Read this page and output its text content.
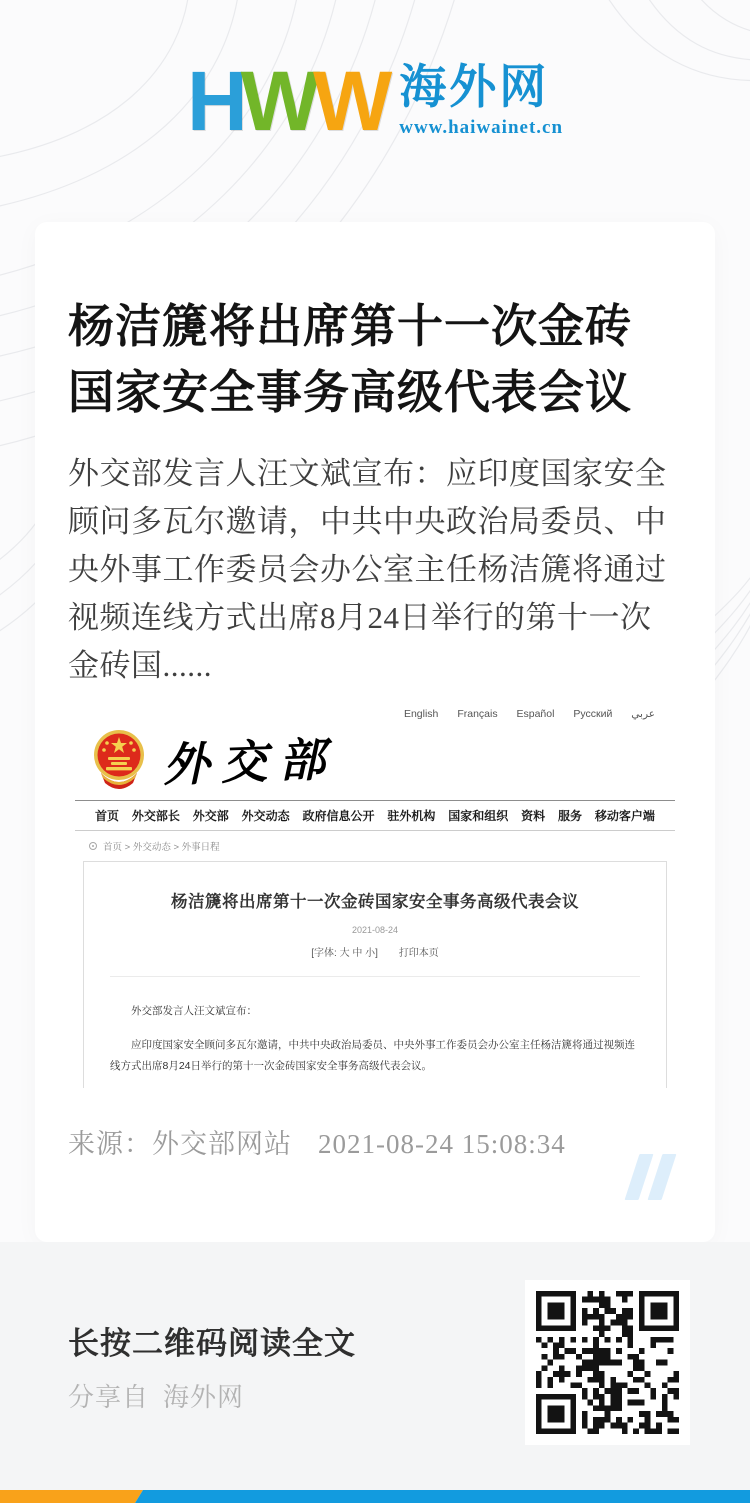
HWW 海外网
www.haiwainet.cn
杨洁篪将出席第十一次金砖
国家安全事务高级代表会议

外交部发言人汪文斌宣布：应印度国家安全顾问多瓦尔邀请，中共中央政治局委员、中央外事工作委员会办公室主任杨洁篪将通过视频连线方式出席8月24日举行的第十一次金砖国......

English Français Español Русский عربي
外交部
首页 外交部长 外交部 外交动态 政府信息公开 驻外机构 国家和组织 资料 服务 移动客户端
首页 > 外交动态 > 外事日程
杨洁篪将出席第十一次金砖国家安全事务高级代表会议
2021-08-24
[字体: 大 中 小] 打印本页

外交部发言人汪文斌宣布：

应印度国家安全顾问多瓦尔邀请，中共中央政治局委员、中央外事工作委员会办公室主任杨洁篪将通过视频连线方式出席8月24日举行的第十一次金砖国家安全事务高级代表会议。

来源：外交部网站 2021-08-24 15:08:34
长按二维码阅读全文
分享自 海外网
